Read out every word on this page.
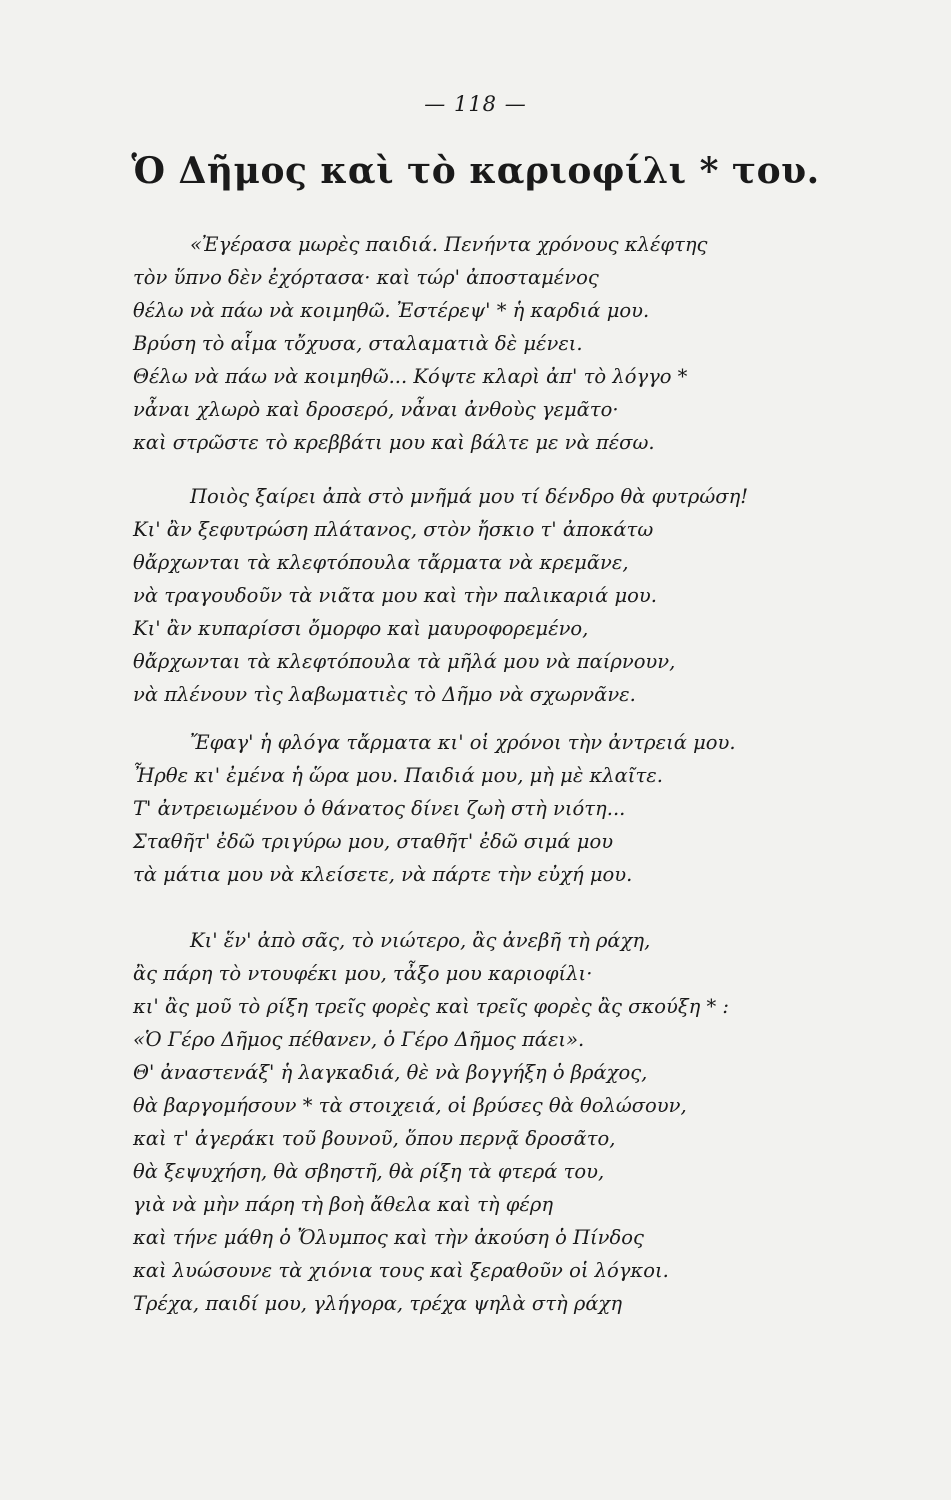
— 118 —
Ὁ Δῆμος καὶ τὸ καριοφίλι * του.
«Ἐγέρασα μωρὲς παιδιά. Πενήντα χρόνους κλέφτης
τὸν ὕπνο δὲν ἐχόρτασα· καὶ τώρ' ἀποσταμένος
θέλω νὰ πάω νὰ κοιμηθῶ. Ἐστέρεψ' * ἡ καρδιά μου.
Βρύση τὸ αἷμα τὄχυσα, σταλαματιὰ δὲ μένει.
Θέλω νὰ πάω νὰ κοιμηθῶ... Κόψτε κλαρὶ ἀπ' τὸ λόγγο *
νἆναι χλωρὸ καὶ δροσερό, νἆναι ἀνθοὺς γεμᾶτο·
καὶ στρῶστε τὸ κρεββάτι μου καὶ βάλτε με νὰ πέσω.
Ποιὸς ξαίρει ἀπὰ στὸ μνῆμά μου τί δένδρο θὰ φυτρώση!
Κι' ἂν ξεφυτρώση πλάτανος, στὸν ἤσκιο τ' ἀποκάτω
θἄρχωνται τὰ κλεφτόπουλα τἄρματα νὰ κρεμᾶνε,
νὰ τραγουδοῦν τὰ νιᾶτα μου καὶ τὴν παλικαριά μου.
Κι' ἂν κυπαρίσσι ὄμορφο καὶ μαυροφορεμένο,
θἄρχωνται τὰ κλεφτόπουλα τὰ μῆλά μου νὰ παίρνουν,
νὰ πλένουν τὶς λαβωματιὲς τὸ Δῆμο νὰ σχωρνᾶνε.
Ἔφαγ' ἡ φλόγα τἄρματα κι' οἱ χρόνοι τὴν ἀντρειά μου.
Ἦρθε κι' ἐμένα ἡ ὥρα μου. Παιδιά μου, μὴ μὲ κλαῖτε.
Τ' ἀντρειωμένου ὁ θάνατος δίνει ζωὴ στὴ νιότη...
Σταθῆτ' ἐδῶ τριγύρω μου, σταθῆτ' ἐδῶ σιμά μου
τὰ μάτια μου νὰ κλείσετε, νὰ πάρτε τὴν εὐχή μου.
Κι' ἕν' ἀπὸ σᾶς, τὸ νιώτερο, ἂς ἀνεβῆ τὴ ράχη,
ἂς πάρη τὸ ντουφέκι μου, τἆξο μου καριοφίλι·
κι' ἂς μοῦ τὸ ρίξη τρεῖς φορὲς καὶ τρεῖς φορὲς ἂς σκούξη * :
«Ὁ Γέρο Δῆμος πέθανεν, ὁ Γέρο Δῆμος πάει».
Θ' ἀναστενάξ' ἡ λαγκαδιά, θὲ νὰ βογγήξη ὁ βράχος,
θὰ βαργομήσουν * τὰ στοιχειά, οἱ βρύσες θὰ θολώσουν,
καὶ τ' ἀγεράκι τοῦ βουνοῦ, ὅπου περνᾷ δροσᾶτο,
θὰ ξεψυχήση, θὰ σβηστῆ, θὰ ρίξη τὰ φτερά του,
γιὰ νὰ μὴν πάρη τὴ βοὴ ἄθελα καὶ τὴ φέρη
καὶ τήνε μάθη ὁ Ὄλυμπος καὶ τὴν ἀκούση ὁ Πίνδος
καὶ λυώσουνε τὰ χιόνια τους καὶ ξεραθοῦν οἱ λόγκοι.
Τρέχα, παιδί μου, γλήγορα, τρέχα ψηλὰ στὴ ράχη
